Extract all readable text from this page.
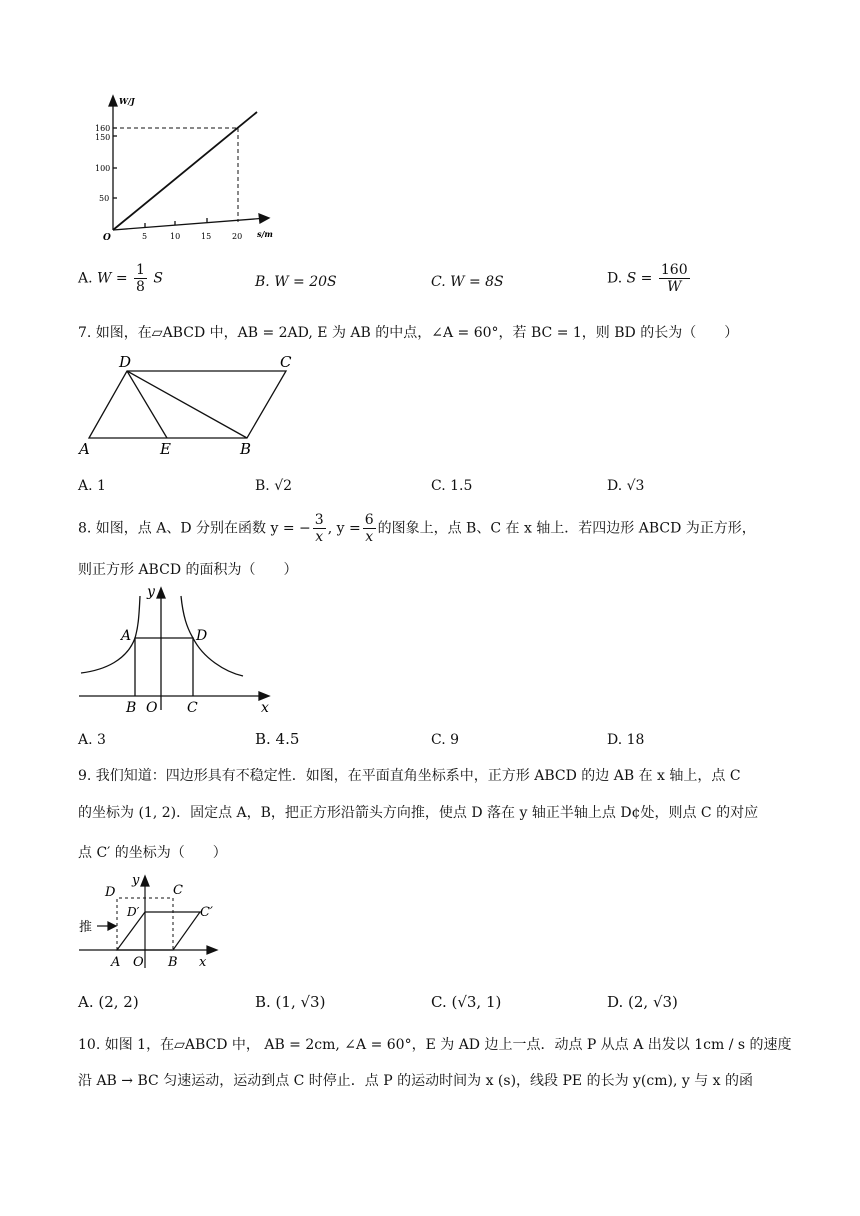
W/J
s/m
O
160
150
100
50
5	10	15	20
A. $W = \frac{1}{8}$ S	B. W = 20S	C. W = 8S	D. $S = \frac{160}{W}$
7. 如图，在▱ABCD 中，AB = 2AD, E 为 AB 的中点，∠A = 60°，若 BC = 1，则 BD 的长为（　　）
D	C
A	E	B
A. 1	B. √2	C. 1.5	D. √3
8. 如图，点 A、D 分别在函数 y = − $\frac{3}{x}$ , $y = \frac{6}{x}$ 的图象上，点 B、C 在 x 轴上．若四边形 ABCD 为正方形，
则正方形 ABCD 的面积为（　　）
y
x
A	D
B O C
A. 3	B. 4.5	C. 9	D. 18
9. 我们知道：四边形具有不稳定性．如图，在平面直角坐标系中，正方形 ABCD 的边 AB 在 x 轴上，点 C
的坐标为 (1, 2)．固定点 A，B，把正方形沿箭头方向推，使点 D 落在 y 轴正半轴上点 D¢处，则点 C 的对应
点 C′ 的坐标为（　　）
D	C
y
D′	C′
推
A O B x
A. (2, 2)	B. (1, √3)	C. (√3, 1)	D. (2, √3)
10. 如图 1，在▱ABCD 中， AB = 2cm, ∠A = 60°，E 为 AD 边上一点．动点 P 从点 A 出发以 1cm / s 的速度
沿 AB → BC 匀速运动，运动到点 C 时停止．点 P 的运动时间为 x (s)，线段 PE 的长为 y(cm), y 与 x 的函
